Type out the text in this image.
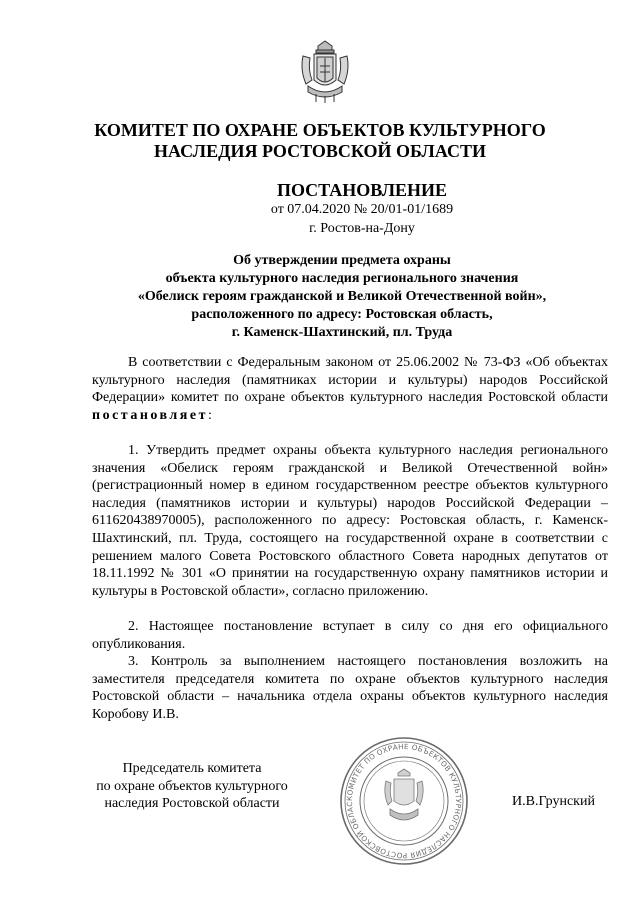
КОМИТЕТ ПО ОХРАНЕ ОБЪЕКТОВ КУЛЬТУРНОГО
НАСЛЕДИЯ РОСТОВСКОЙ ОБЛАСТИ
ПОСТАНОВЛЕНИЕ
от 07.04.2020 № 20/01-01/1689
г. Ростов-на-Дону
Об утверждении предмета охраны
объекта культурного наследия регионального значения
«Обелиск героям гражданской и Великой Отечественной войн»,
расположенного по адресу: Ростовская область,
г. Каменск-Шахтинский, пл. Труда
В соответствии с Федеральным законом от 25.06.2002 № 73-ФЗ «Об объектах культурного наследия (памятниках истории и культуры) народов Российской Федерации» комитет по охране объектов культурного наследия Ростовской области постановляет:
1. Утвердить предмет охраны объекта культурного наследия регионального значения «Обелиск героям гражданской и Великой Отечественной войн» (регистрационный номер в едином государственном реестре объектов культурного наследия (памятников истории и культуры) народов Российской Федерации – 611620438970005), расположенного по адресу: Ростовская область, г. Каменск-Шахтинский, пл. Труда, состоящего на государственной охране в соответствии с решением малого Совета Ростовского областного Совета народных депутатов от 18.11.1992 № 301 «О принятии на государственную охрану памятников истории и культуры в Ростовской области», согласно приложению.
2. Настоящее постановление вступает в силу со дня его официального опубликования.
3. Контроль за выполнением настоящего постановления возложить на заместителя председателя комитета по охране объектов культурного наследия Ростовской области – начальника отдела охраны объектов культурного наследия Коробову И.В.
Председатель комитета
по охране объектов культурного
наследия Ростовской области	КОМИТЕТ ПО ОХРАНЕ ОБЪЕКТОВ КУЛЬТУРНОГО НАСЛЕДИЯ РОСТОВСКОЙ ОБЛАС	И.В.Грунский
